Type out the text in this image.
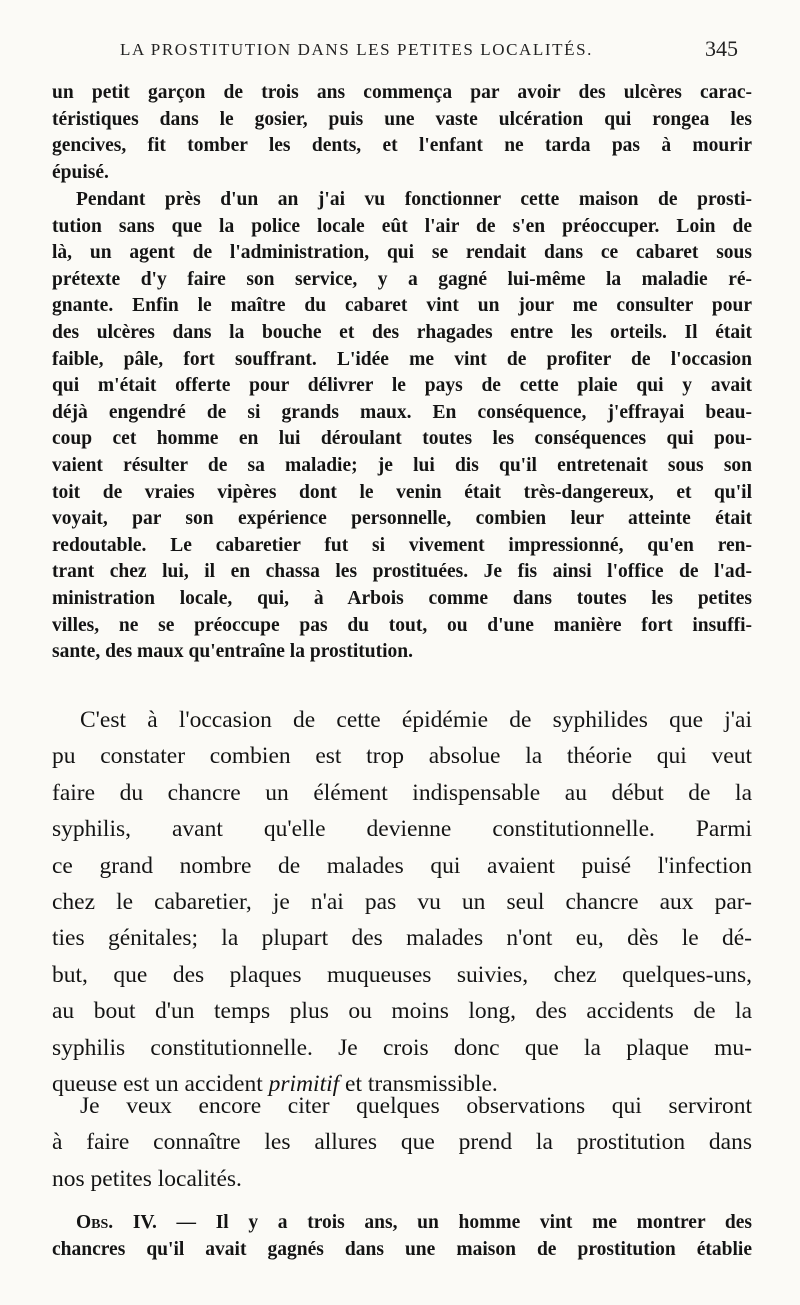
LA PROSTITUTION DANS LES PETITES LOCALITÉS.	345
un petit garçon de trois ans commença par avoir des ulcères carac-
téristiques dans le gosier, puis une vaste ulcération qui rongea les
gencives, fit tomber les dents, et l'enfant ne tarda pas à mourir
épuisé.
Pendant près d'un an j'ai vu fonctionner cette maison de prosti-
tution sans que la police locale eût l'air de s'en préoccuper. Loin de
là, un agent de l'administration, qui se rendait dans ce cabaret sous
prétexte d'y faire son service, y a gagné lui-même la maladie ré-
gnante. Enfin le maître du cabaret vint un jour me consulter pour
des ulcères dans la bouche et des rhagades entre les orteils. Il était
faible, pâle, fort souffrant. L'idée me vint de profiter de l'occasion
qui m'était offerte pour délivrer le pays de cette plaie qui y avait
déjà engendré de si grands maux. En conséquence, j'effrayai beau-
coup cet homme en lui déroulant toutes les conséquences qui pou-
vaient résulter de sa maladie; je lui dis qu'il entretenait sous son
toit de vraies vipères dont le venin était très-dangereux, et qu'il
voyait, par son expérience personnelle, combien leur atteinte était
redoutable. Le cabaretier fut si vivement impressionné, qu'en ren-
trant chez lui, il en chassa les prostituées. Je fis ainsi l'office de l'ad-
ministration locale, qui, à Arbois comme dans toutes les petites
villes, ne se préoccupe pas du tout, ou d'une manière fort insuffi-
sante, des maux qu'entraîne la prostitution.
C'est à l'occasion de cette épidémie de syphilides que j'ai
pu constater combien est trop absolue la théorie qui veut
faire du chancre un élément indispensable au début de la
syphilis, avant qu'elle devienne constitutionnelle. Parmi
ce grand nombre de malades qui avaient puisé l'infection
chez le cabaretier, je n'ai pas vu un seul chancre aux par-
ties génitales; la plupart des malades n'ont eu, dès le dé-
but, que des plaques muqueuses suivies, chez quelques-uns,
au bout d'un temps plus ou moins long, des accidents de la
syphilis constitutionnelle. Je crois donc que la plaque mu-
queuse est un accident primitif et transmissible.
Je veux encore citer quelques observations qui serviront
à faire connaître les allures que prend la prostitution dans
nos petites localités.
Obs. IV. — Il y a trois ans, un homme vint me montrer des
chancres qu'il avait gagnés dans une maison de prostitution établie
